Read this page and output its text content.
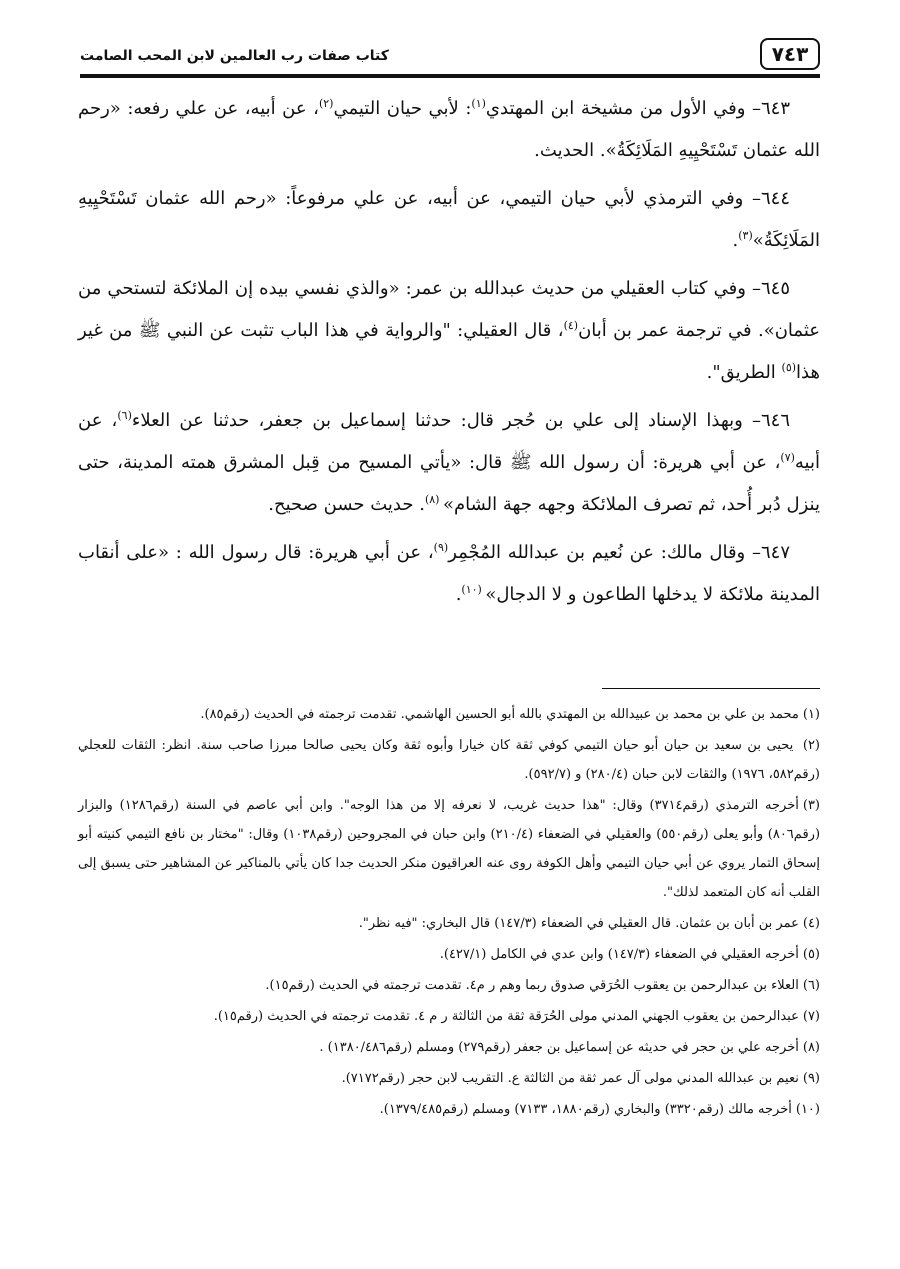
٧٤٣
كتاب صفات رب العالمين لابن المحب الصامت

٦٤٣– وفي الأول من مشيخة ابن المهتدي$^{(١)}$: لأبي حيان التيمي$^{(٢)}$، عن أبيه، عن علي رفعه: «رحم الله عثمان تَسْتَحْيِيهِ المَلَائِكَةُ». الحديث.

٦٤٤– وفي الترمذي لأبي حيان التيمي، عن أبيه، عن علي مرفوعاً: «رحم الله عثمان تَسْتَحْيِيهِ المَلَائِكَةُ»$^{(٣)}$.

٦٤٥– وفي كتاب العقيلي من حديث عبدالله بن عمر: «والذي نفسي بيده إن الملائكة لتستحي من عثمان». في ترجمة عمر بن أبان$^{(٤)}$، قال العقيلي: "والرواية في هذا الباب تثبت عن النبي ﷺ من غير هذا$^{(٥)}$ الطريق".

٦٤٦– وبهذا الإسناد إلى علي بن حُجر قال: حدثنا إسماعيل بن جعفر، حدثنا عن العلاء$^{(٦)}$، عن أبيه$^{(٧)}$، عن أبي هريرة: أن رسول الله ﷺ قال: «يأتي المسيح من قِبل المشرق همته المدينة، حتى ينزل دُبر أُحد، ثم تصرف الملائكة وجهه جهة الشام» $^{(٨)}$. حديث حسن صحيح.

٦٤٧– وقال مالك: عن نُعيم بن عبدالله المُجْمِر$^{(٩)}$، عن أبي هريرة: قال رسول الله : «على أنقاب المدينة ملائكة لا يدخلها الطاعون و لا الدجال» $^{(١٠)}$.

(١)محمد بن علي بن محمد بن عبيدالله بن المهتدي بالله أبو الحسين الهاشمي. تقدمت ترجمته في الحديث (رقم٨٥).

(٢) يحيى بن سعيد بن حيان أبو حيان التيمي كوفي ثقة كان خيارا وأبوه ثقة وكان يحيى صالحا مبرزا صاحب سنة. انظر: الثقات للعجلي (رقم٥٨٢، ١٩٧٦) والثقات لابن حبان (٢٨٠/٤) و (٥٩٢/٧).

(٣)أخرجه الترمذي (رقم٣٧١٤) وقال: "هذا حديث غريب، لا نعرفه إلا من هذا الوجه". وابن أبي عاصم في السنة (رقم١٢٨٦) والبزار (رقم٨٠٦) وأبو يعلى (رقم٥٥٠) والعقيلي في الضعفاء (٢١٠/٤) وابن حبان في المجروحين (رقم١٠٣٨) وقال: "مختار بن نافع التيمي كنيته أبو إسحاق التمار يروي عن أبي حيان التيمي وأهل الكوفة روى عنه العراقيون منكر الحديث جدا كان يأتي بالمناكير عن المشاهير حتى يسبق إلى القلب أنه كان المتعمد لذلك".

(٤)عمر بن أبان بن عثمان. قال العقيلي في الضعفاء (١٤٧/٣) قال البخاري: "فيه نظر".

(٥)أخرجه العقيلي في الضعفاء (١٤٧/٣) وابن عدي في الكامل (٤٢٧/١).

(٦)العلاء بن عبدالرحمن بن يعقوب الحُرَقي صدوق ربما وهم ر م٤. تقدمت ترجمته في الحديث (رقم١٥).

(٧)عبدالرحمن بن يعقوب الجهني المدني مولى الحُرَقة ثقة من الثالثة ر م ٤. تقدمت ترجمته في الحديث (رقم١٥).

(٨)أخرجه علي بن حجر في حديثه عن إسماعيل بن جعفر (رقم٢٧٩) ومسلم (رقم١٣٨٠/٤٨٦) .

(٩)نعيم بن عبدالله المدني مولى آل عمر ثقة من الثالثة ع. التقريب لابن حجر (رقم٧١٧٢).

(١٠)أخرجه مالك (رقم٣٣٢٠) والبخاري (رقم١٨٨٠، ٧١٣٣) ومسلم (رقم١٣٧٩/٤٨٥).
